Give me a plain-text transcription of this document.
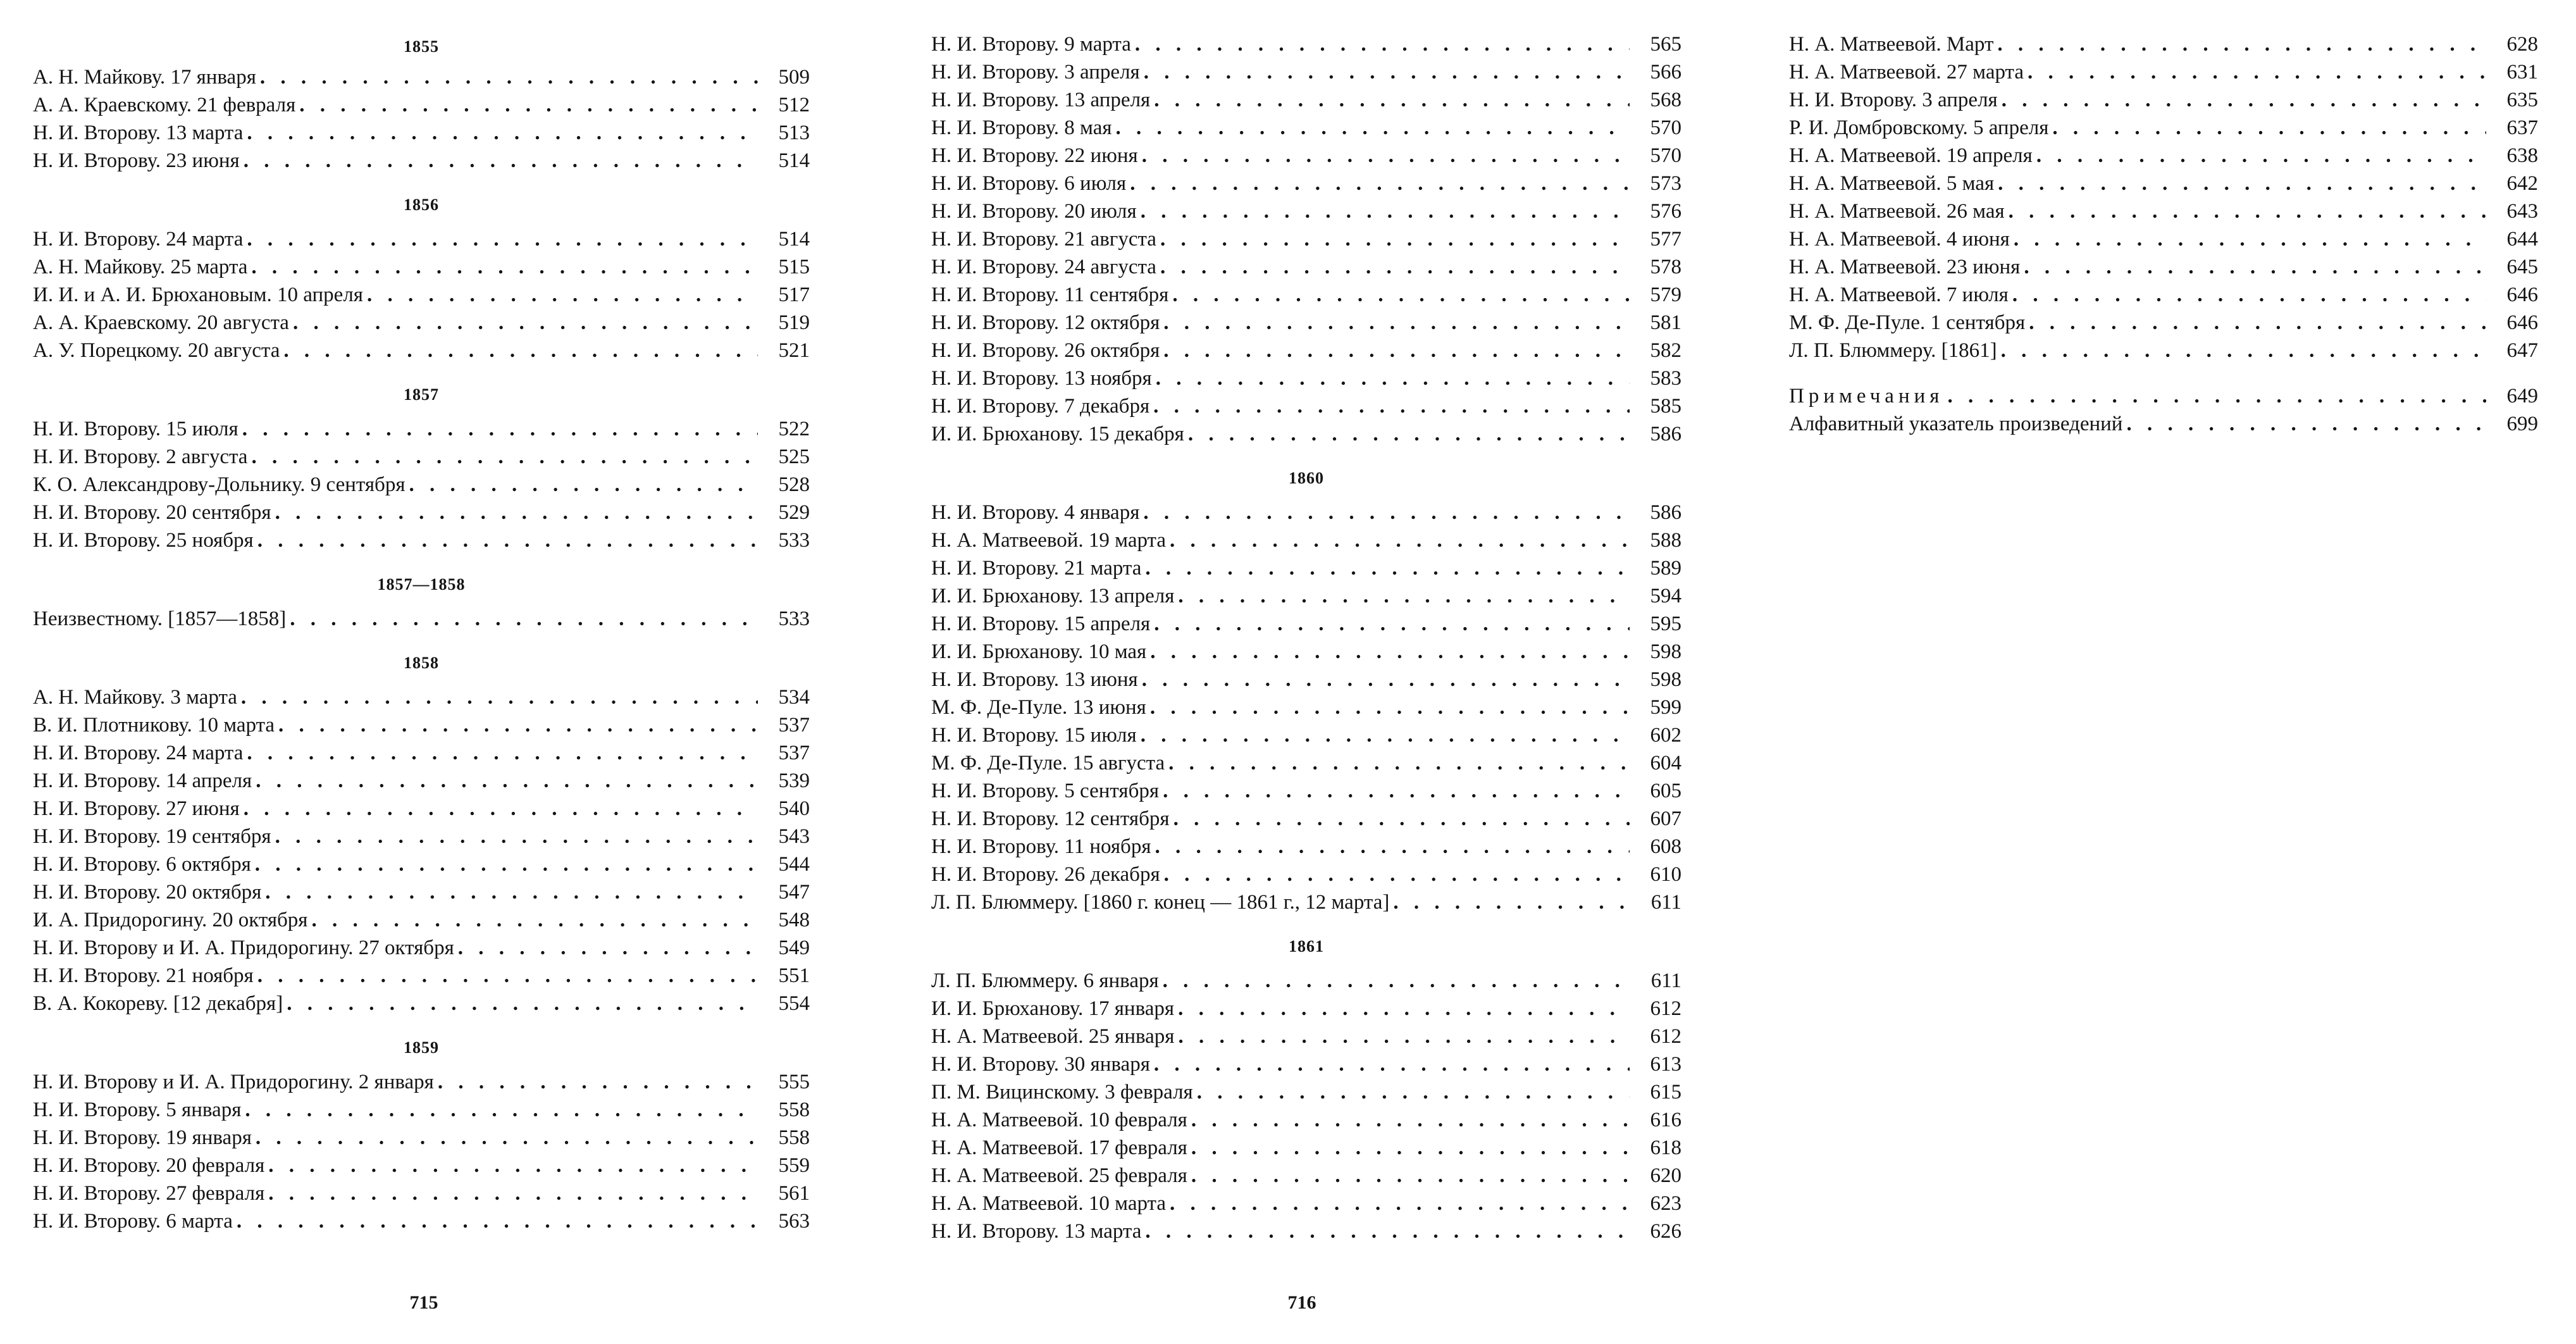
1855
А. Н. Майкову. 17 января . . .	509
А. А. Краевскому. 21 февраля . . .	512
Н. И. Второву. 13 марта . . .	513
Н. И. Второву. 23 июня . . .	514
1856
Н. И. Второву. 24 марта . . .	514
А. Н. Майкову. 25 марта . . .	515
И. И. и А. И. Брюхановым. 10 апреля . . .	517
А. А. Краевскому. 20 августа . . .	519
А. У. Порецкому. 20 августа . . .	521
1857
Н. И. Второву. 15 июля . . .	522
Н. И. Второву. 2 августа . . .	525
К. О. Александрову-Дольнику. 9 сентября . . .	528
Н. И. Второву. 20 сентября . . .	529
Н. И. Второву. 25 ноября . . .	533
1857—1858
Неизвестному. [1857—1858] . . .	533
1858
А. Н. Майкову. 3 марта . . .	534
В. И. Плотникову. 10 марта . . .	537
Н. И. Второву. 24 марта . . .	537
Н. И. Второву. 14 апреля . . .	539
Н. И. Второву. 27 июня . . .	540
Н. И. Второву. 19 сентября . . .	543
Н. И. Второву. 6 октября . . .	544
Н. И. Второву. 20 октября . . .	547
И. А. Придорогину. 20 октября . . .	548
Н. И. Второву и И. А. Придорогину. 27 октября . . .	549
Н. И. Второву. 21 ноября . . .	551
В. А. Кокореву. [12 декабря] . . .	554
1859
Н. И. Второву и И. А. Придорогину. 2 января . . .	555
Н. И. Второву. 5 января . . .	558
Н. И. Второву. 19 января . . .	558
Н. И. Второву. 20 февраля . . .	559
Н. И. Второву. 27 февраля . . .	561
Н. И. Второву. 6 марта . . .	563
Н. И. Второву. 9 марта . . .	565
Н. И. Второву. 3 апреля . . .	566
Н. И. Второву. 13 апреля . . .	568
Н. И. Второву. 8 мая . . .	570
Н. И. Второву. 22 июня . . .	570
Н. И. Второву. 6 июля . . .	573
Н. И. Второву. 20 июля . . .	576
Н. И. Второву. 21 августа . . .	577
Н. И. Второву. 24 августа . . .	578
Н. И. Второву. 11 сентября . . .	579
Н. И. Второву. 12 октября . . .	581
Н. И. Второву. 26 октября . . .	582
Н. И. Второву. 13 ноября . . .	583
Н. И. Второву. 7 декабря . . .	585
И. И. Брюханову. 15 декабря . . .	586
1860
Н. И. Второву. 4 января . . .	586
Н. А. Матвеевой. 19 марта . . .	588
Н. И. Второву. 21 марта . . .	589
И. И. Брюханову. 13 апреля . . .	594
Н. И. Второву. 15 апреля . . .	595
И. И. Брюханову. 10 мая . . .	598
Н. И. Второву. 13 июня . . .	598
М. Ф. Де-Пуле. 13 июня . . .	599
Н. И. Второву. 15 июля . . .	602
М. Ф. Де-Пуле. 15 августа . . .	604
Н. И. Второву. 5 сентября . . .	605
Н. И. Второву. 12 сентября . . .	607
Н. И. Второву. 11 ноября . . .	608
Н. И. Второву. 26 декабря . . .	610
Л. П. Блюммеру. [1860 г. конец — 1861 г., 12 марта] . . .	611
1861
Л. П. Блюммеру. 6 января . . .	611
И. И. Брюханову. 17 января . . .	612
Н. А. Матвеевой. 25 января . . .	612
Н. И. Второву. 30 января . . .	613
П. М. Вицинскому. 3 февраля . . .	615
Н. А. Матвеевой. 10 февраля . . .	616
Н. А. Матвеевой. 17 февраля . . .	618
Н. А. Матвеевой. 25 февраля . . .	620
Н. А. Матвеевой. 10 марта . . .	623
Н. И. Второву. 13 марта . . .	626
Н. А. Матвеевой. Март . . .	628
Н. А. Матвеевой. 27 марта . . .	631
Н. И. Второву. 3 апреля . . .	635
Р. И. Домбровскому. 5 апреля . . .	637
Н. А. Матвеевой. 19 апреля . . .	638
Н. А. Матвеевой. 5 мая . . .	642
Н. А. Матвеевой. 26 мая . . .	643
Н. А. Матвеевой. 4 июня . . .	644
Н. А. Матвеевой. 23 июня . . .	645
Н. А. Матвеевой. 7 июля . . .	646
М. Ф. Де-Пуле. 1 сентября . . .	646
Л. П. Блюммеру. [1861] . . .	647
Примечания . . .	649
Алфавитный указатель произведений . . .	699
715	716
